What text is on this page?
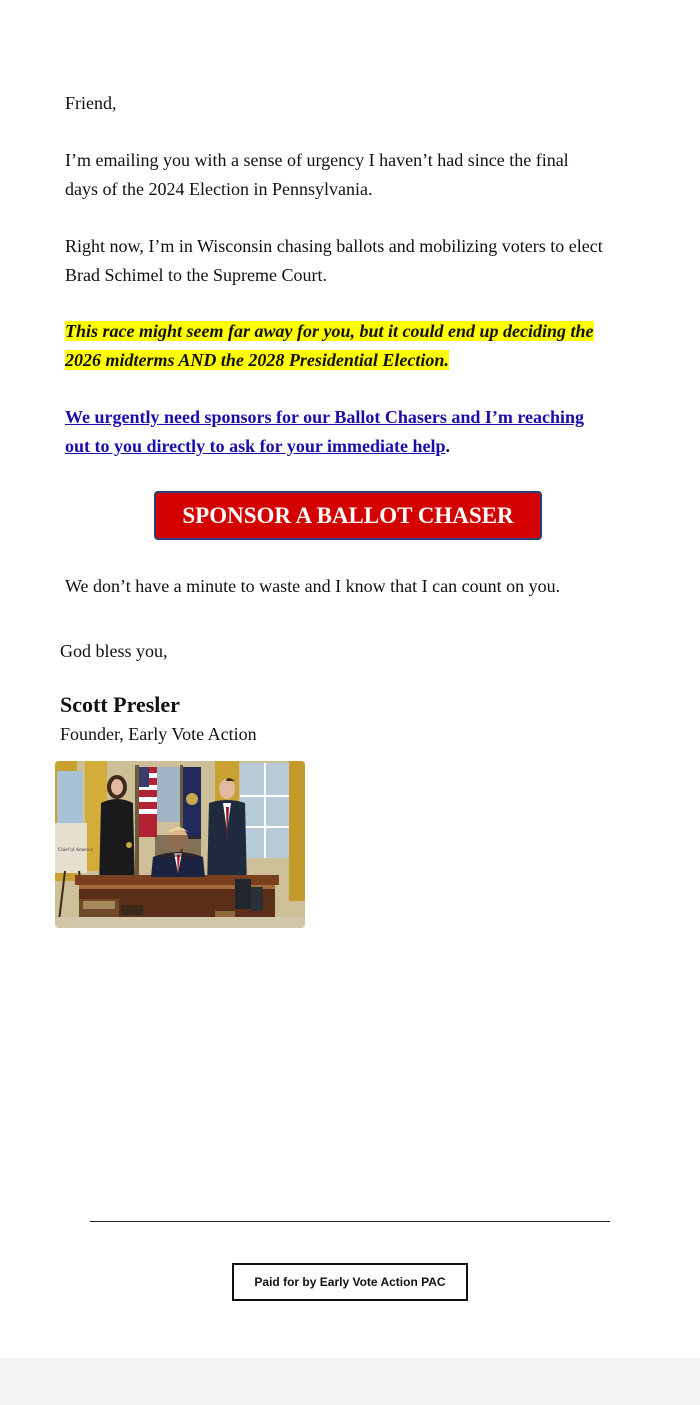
Friend,

I’m emailing you with a sense of urgency I haven’t had since the final
days of the 2024 Election in Pennsylvania.

Right now, I’m in Wisconsin chasing ballots and mobilizing voters to elect
Brad Schimel to the Supreme Court.

This race might seem far away for you, but it could end up deciding the
2026 midterms AND the 2028 Presidential Election.

We urgently need sponsors for our Ballot Chasers and I’m reaching
out to you directly to ask for your immediate help.

SPONSOR A BALLOT CHASER

We don’t have a minute to waste and I know that I can count on you.

God bless you,

Scott Presler

Founder, Early Vote Action

Chief of America
Paid for by Early Vote Action PAC
